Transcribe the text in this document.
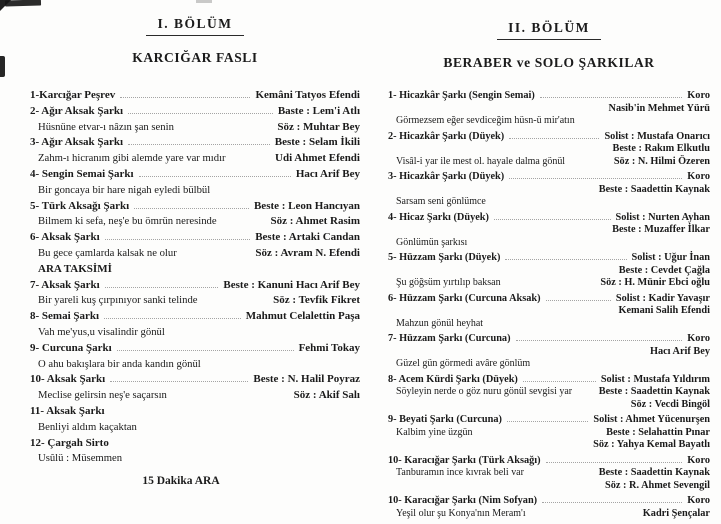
I. BÖLÜM
KARCIĞAR FASLI
1-Karcığar Peşrev	Kemâni Tatyos Efendi
2- Ağır Aksak Şarkı	Baste : Lem'i Atlı
Hüsnüne etvar-ı nâzın şan senin	Söz : Muhtar Bey
3- Ağır Aksak Şarkı	Beste : Selam İkili
Zahm-ı hicranım gibi alemde yare var mıdır	Udi Ahmet Efendi
4- Sengin Semai Şarkı	Hacı Arif Bey
Bir goncaya bir hare nigah eyledi bülbül
5- Türk Aksağı Şarkı	Beste : Leon Hancıyan
Bilmem ki sefa, neş'e bu ömrün neresinde	Söz : Ahmet Rasim
6- Aksak Şarkı	Beste : Artaki Candan
Bu gece çamlarda kalsak ne olur	Söz : Avram N. Efendi
ARA TAKSİMİ
7- Aksak Şarkı	Beste : Kanuni Hacı Arif Bey
Bir yareli kuş çırpınıyor sanki telinde	Söz : Tevfik Fikret
8- Semai Şarkı	Mahmut Celalettin Paşa
Vah me'yus,u visalindir gönül
9- Curcuna Şarkı	Fehmi Tokay
O ahu bakışlara bir anda kandın gönül
10- Aksak Şarkı	Beste : N. Halil Poyraz
Meclise gelirsin neş'e saçarsın	Söz : Akif Salı
11- Aksak Şarkı
Benliyi aldım kaçaktan
12- Çargah Sirto
Usûlü : Müsemmen
15 Dakika ARA
II. BÖLÜM
BERABER ve SOLO ŞARKILAR
1- Hicazkâr Şarkı (Sengin Semai)	Koro
Nasib'in Mehmet Yürü
Görmezsem eğer sevdiceğim hüsn-ü mir'atın
2- Hicazkâr Şarkı (Düyek)	Solist : Mustafa Onarıcı
Beste : Rakım Elkutlu
Visâl-i yar ile mest ol. hayale dalma gönül	Söz : N. Hilmi Özeren
3- Hicazkâr Şarkı (Düyek)	Koro
Beste : Saadettin Kaynak
Sarsam seni gönlümce
4- Hicaz Şarkı (Düyek)	Solist : Nurten Ayhan
Beste : Muzaffer İlkar
Gönlümün şarkısı
5- Hüzzam Şarkı (Düyek)	Solist : Uğur İnan
Beste : Cevdet Çağla
Şu göğsüm yırtılıp baksan	Söz : H. Münir Ebci oğlu
6- Hüzzam Şarkı (Curcuna Aksak)	Solist : Kadir Yavaşır
Kemani Salih Efendi
Mahzun gönül heyhat
7- Hüzzam Şarkı (Curcuna)	Koro
Hacı Arif Bey
Güzel gün görmedi avâre gönlüm
8- Acem Kürdi Şarkı (Düyek)	Solist : Mustafa Yıldırım
Söyleyin nerde o göz nuru gönül sevgisi yar	Beste : Saadettin Kaynak
Söz : Vecdi Bingöl
9- Beyati Şarkı (Curcuna)	Solist : Ahmet Yücenurşen
Kalbim yine üzgün	Beste : Selahattin Pınar
Söz : Yahya Kemal Bayatlı
10- Karacığar Şarkı (Türk Aksağı)	Koro
Tanburamın ince kıvrak beli var	Beste : Saadettin Kaynak
Söz : R. Ahmet Sevengil
10- Karacığar Şarkı (Nim Sofyan)	Koro
Yeşil olur şu Konya'nın Meram'ı	Kadri Şençalar
